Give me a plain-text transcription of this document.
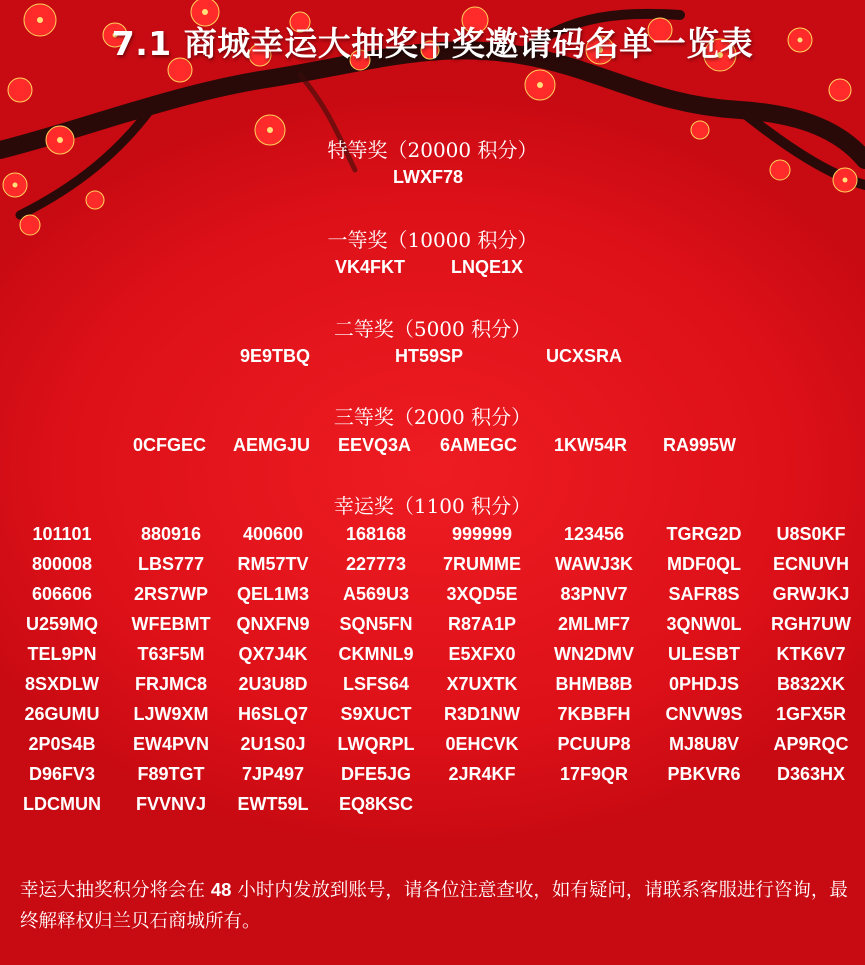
7.1 商城幸运大抽奖中奖邀请码名单一览表
特等奖（20000 积分）
LWXF78
一等奖（10000 积分）
VK4FKT	LNQE1X
二等奖（5000 积分）
9E9TBQ	HT59SP	UCXSRA
三等奖（2000 积分）
0CFGEC AEMGJU EEVQ3A 6AMEGC 1KW54R RA995W
幸运奖（1100 积分）
101101	880916 400600 168168	999999	123456 TGRG2D U8S0KF
800008	LBS777 RM57TV 227773 7RUMME WAWJ3K MDF0QL ECNUVH
606606 2RS7WP QEL1M3 A569U3 3XQD5E 83PNV7 SAFR8S GRWJKJ
U259MQ WFEBMT QNXFN9 SQN5FN R87A1P 2MLMF7 3QNW0L RGH7UW
TEL9PN T63F5M QX7J4K CKMNL9 E5XFX0 WN2DMV ULESBT KTK6V7
8SXDLW FRJMC8 2U3U8D LSFS64 X7UXTK BHMB8B 0PHDJS B832XK
26GUMU LJW9XM H6SLQ7 S9XUCT R3D1NW 7KBBFH CNVW9S 1GFX5R
2P0S4B EW4PVN 2U1S0J LWQRPL 0EHCVK PCUUP8 MJ8U8V AP9RQC
D96FV3 F89TGT 7JP497 DFE5JG 2JR4KF 17F9QR PBKVR6 D363HX
LDCMUN FVVNVJ EWT59L EQ8KSC
幸运大抽奖积分将会在 48 小时内发放到账号，请各位注意查收，如有疑问，请联系客服进行咨询，最终解释权归兰贝石商城所有。
